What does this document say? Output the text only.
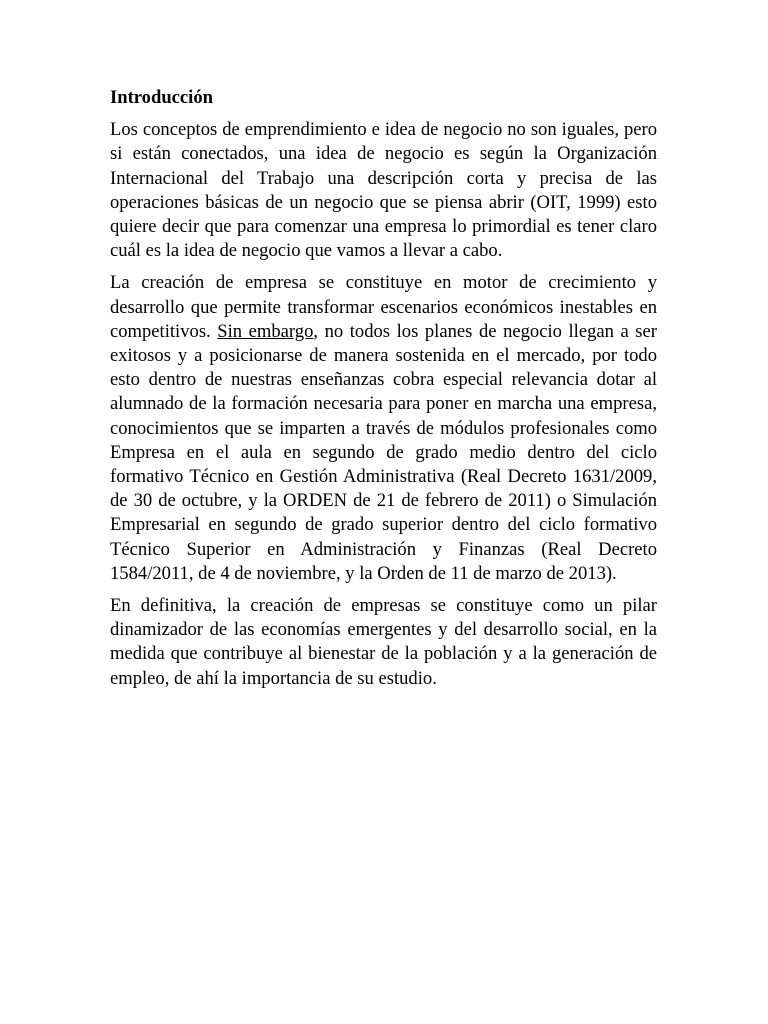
Introducción

Los conceptos de emprendimiento e idea de negocio no son iguales, pero si están conectados, una idea de negocio es según la Organización Internacional del Trabajo una descripción corta y precisa de las operaciones básicas de un negocio que se piensa abrir (OIT, 1999) esto quiere decir que para comenzar una empresa lo primordial es tener claro cuál es la idea de negocio que vamos a llevar a cabo.

La creación de empresa se constituye en motor de crecimiento y desarrollo que permite transformar escenarios económicos inestables en competitivos. Sin embargo, no todos los planes de negocio llegan a ser exitosos y a posicionarse de manera sostenida en el mercado, por todo esto dentro de nuestras enseñanzas cobra especial relevancia dotar al alumnado de la formación necesaria para poner en marcha una empresa, conocimientos que se imparten a través de módulos profesionales como Empresa en el aula en segundo de grado medio dentro del ciclo formativo Técnico en Gestión Administrativa (Real Decreto 1631/2009, de 30 de octubre, y la ORDEN de 21 de febrero de 2011) o Simulación Empresarial en segundo de grado superior dentro del ciclo formativo Técnico Superior en Administración y Finanzas (Real Decreto 1584/2011, de 4 de noviembre, y la Orden de 11 de marzo de 2013).

En definitiva, la creación de empresas se constituye como un pilar dinamizador de las economías emergentes y del desarrollo social, en la medida que contribuye al bienestar de la población y a la generación de empleo, de ahí la importancia de su estudio.
